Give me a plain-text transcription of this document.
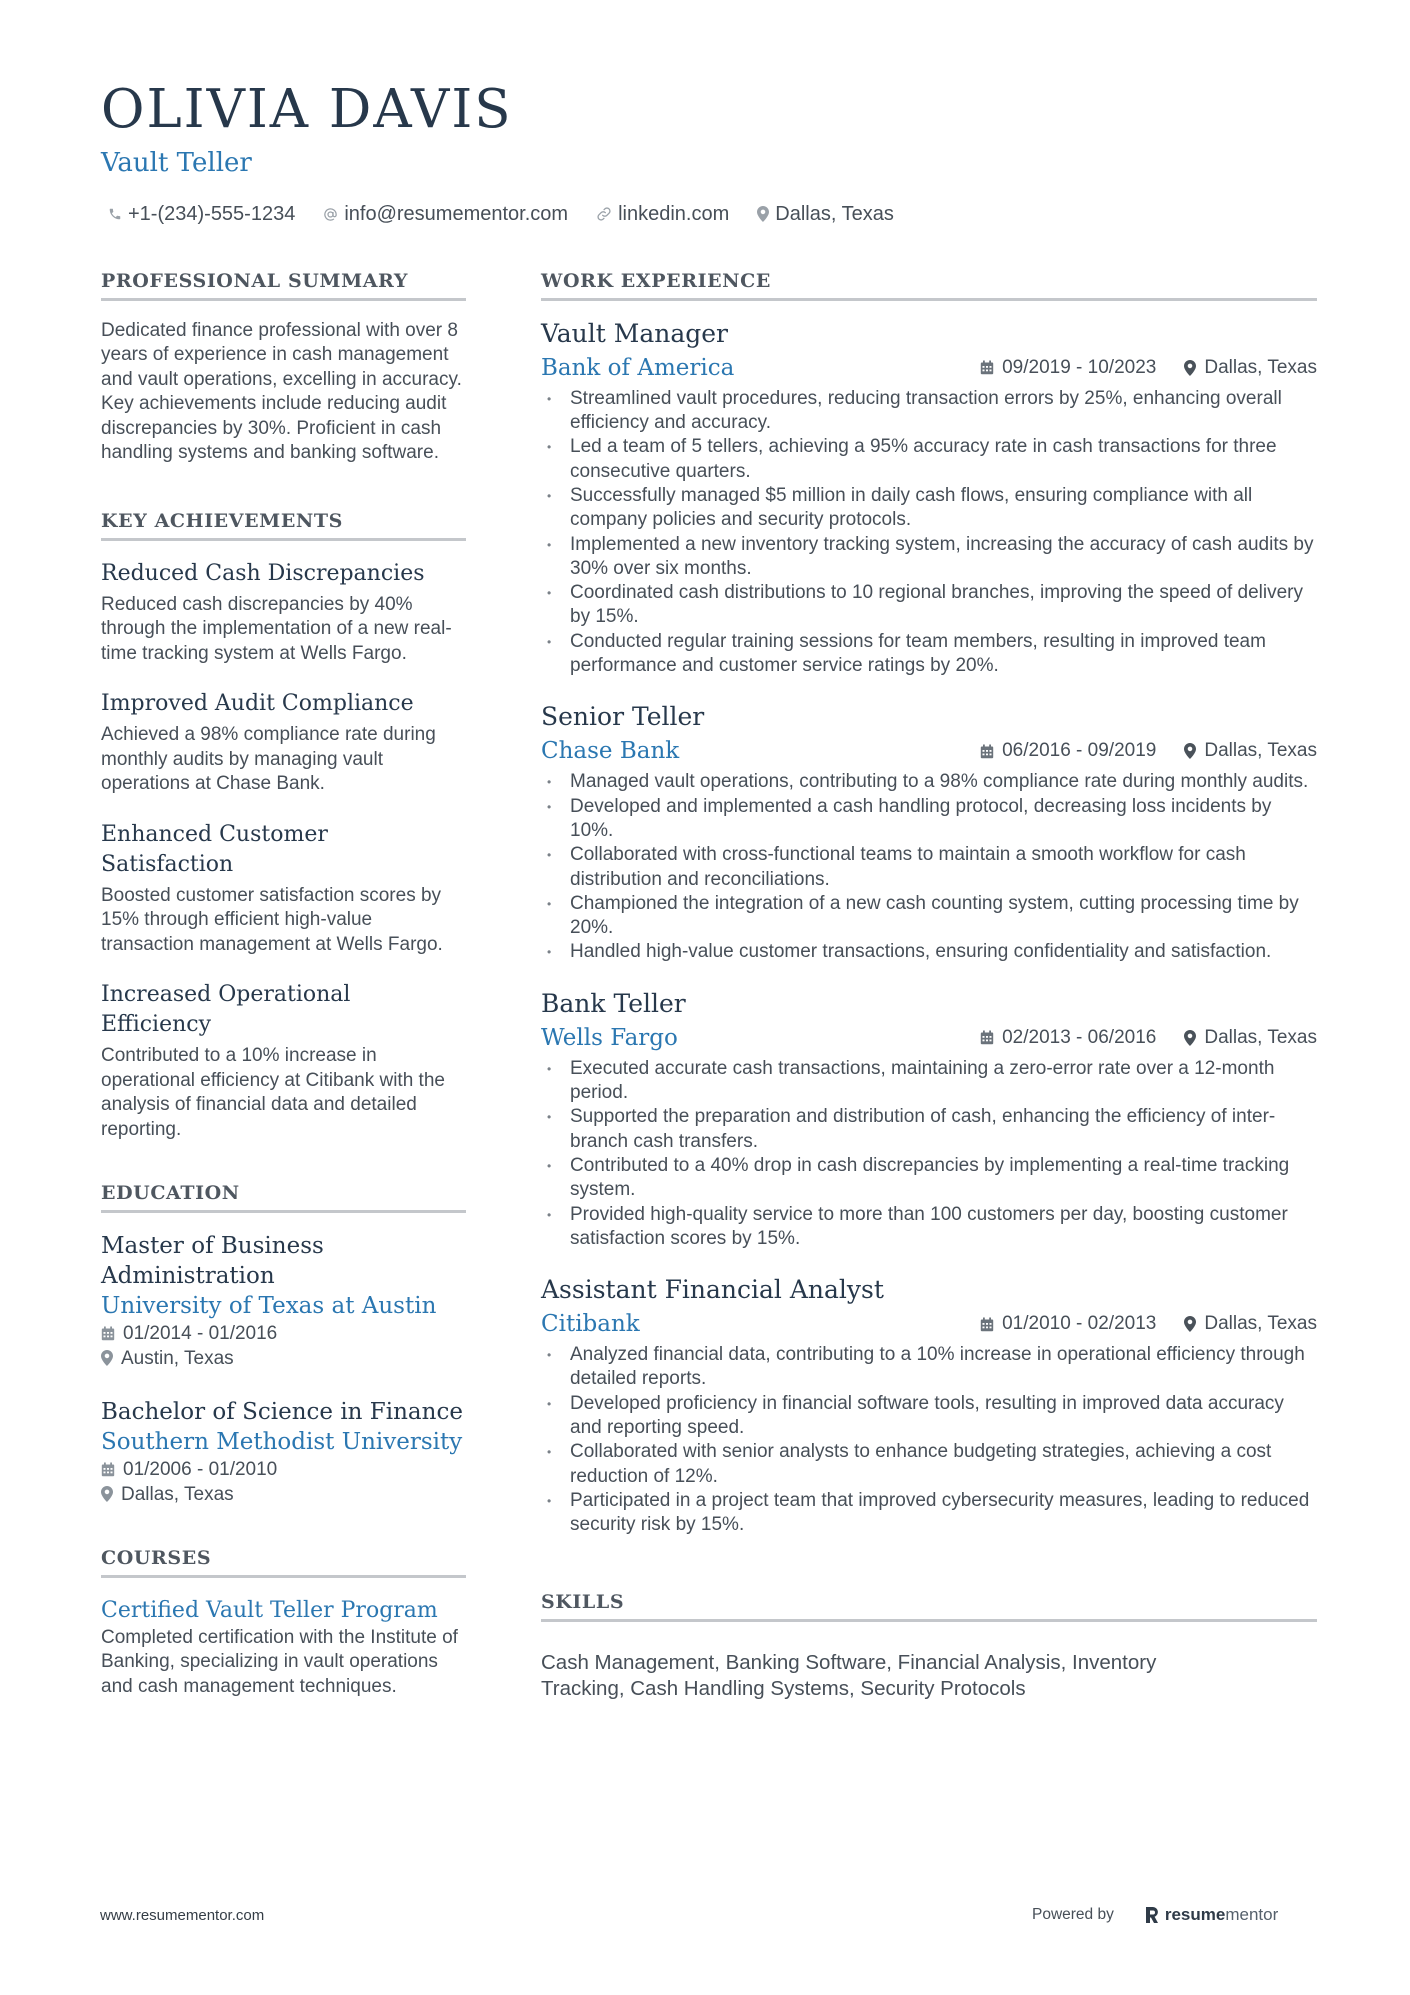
OLIVIA DAVIS
Vault Teller
+1-(234)-555-1234 info@resumementor.com	linkedin.com Dallas, Texas
PROFESSIONAL SUMMARY

Dedicated finance professional with over 8 years of experience in cash management and vault operations, excelling in accuracy. Key achievements include reducing audit discrepancies by 30%. Proficient in cash handling systems and banking software.

KEY ACHIEVEMENTS
Reduced Cash Discrepancies

Reduced cash discrepancies by 40% through the implementation of a new real-time tracking system at Wells Fargo.

Improved Audit Compliance

Achieved a 98% compliance rate during monthly audits by managing vault operations at Chase Bank.

Enhanced Customer Satisfaction

Boosted customer satisfaction scores by 15% through efficient high-value transaction management at Wells Fargo.

Increased Operational Efficiency

Contributed to a 10% increase in operational efficiency at Citibank with the analysis of financial data and detailed reporting.

EDUCATION
Master of Business Administration
University of Texas at Austin
01/2014 - 01/2016
Austin, Texas
Bachelor of Science in Finance
Southern Methodist University
01/2006 - 01/2010
Dallas, Texas
COURSES
Certified Vault Teller Program

Completed certification with the Institute of Banking, specializing in vault operations and cash management techniques.

WORK EXPERIENCE
Vault Manager
Bank of America	09/2019 - 10/2023	Dallas, Texas
• Streamlined vault procedures, reducing transaction errors by 25%, enhancing overall efficiency and accuracy.
• Led a team of 5 tellers, achieving a 95% accuracy rate in cash transactions for three consecutive quarters.
• Successfully managed $5 million in daily cash flows, ensuring compliance with all company policies and security protocols.
• Implemented a new inventory tracking system, increasing the accuracy of cash audits by 30% over six months.
• Coordinated cash distributions to 10 regional branches, improving the speed of delivery by 15%.
• Conducted regular training sessions for team members, resulting in improved team performance and customer service ratings by 20%.
Senior Teller
Chase Bank	06/2016 - 09/2019	Dallas, Texas
• Managed vault operations, contributing to a 98% compliance rate during monthly audits.
• Developed and implemented a cash handling protocol, decreasing loss incidents by 10%.
• Collaborated with cross-functional teams to maintain a smooth workflow for cash distribution and reconciliations.
• Championed the integration of a new cash counting system, cutting processing time by 20%.
• Handled high-value customer transactions, ensuring confidentiality and satisfaction.
Bank Teller
Wells Fargo	02/2013 - 06/2016	Dallas, Texas
• Executed accurate cash transactions, maintaining a zero-error rate over a 12-month period.
• Supported the preparation and distribution of cash, enhancing the efficiency of inter-branch cash transfers.
• Contributed to a 40% drop in cash discrepancies by implementing a real-time tracking system.
• Provided high-quality service to more than 100 customers per day, boosting customer satisfaction scores by 15%.
Assistant Financial Analyst
Citibank	01/2010 - 02/2013	Dallas, Texas
• Analyzed financial data, contributing to a 10% increase in operational efficiency through detailed reports.
• Developed proficiency in financial software tools, resulting in improved data accuracy and reporting speed.
• Collaborated with senior analysts to enhance budgeting strategies, achieving a cost reduction of 12%.
• Participated in a project team that improved cybersecurity measures, leading to reduced security risk by 15%.
SKILLS

Cash Management, Banking Software, Financial Analysis, Inventory Tracking, Cash Handling Systems, Security Protocols

www.resumementor.com	Powered by	resume mentor
